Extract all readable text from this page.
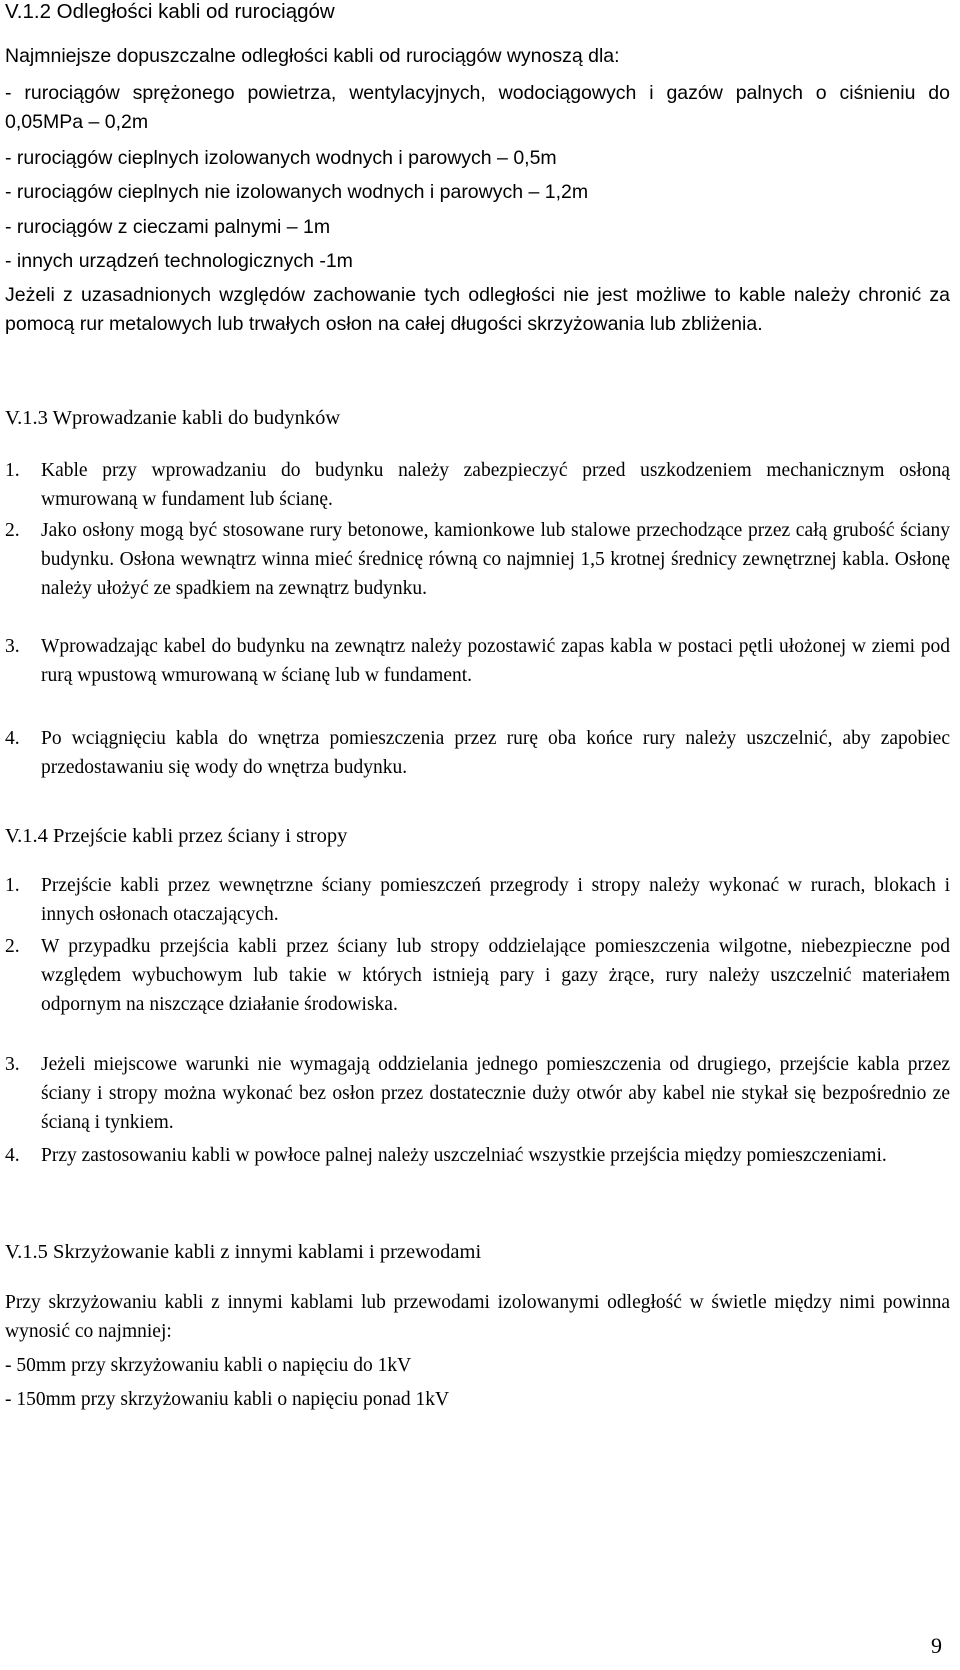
V.1.2 Odległości kabli od rurociągów

Najmniejsze dopuszczalne odległości kabli od rurociągów wynoszą dla:

- rurociągów sprężonego powietrza, wentylacyjnych, wodociągowych i gazów palnych o ciśnieniu do 0,05MPa – 0,2m

- rurociągów cieplnych izolowanych wodnych i parowych – 0,5m

- rurociągów cieplnych nie izolowanych wodnych i parowych – 1,2m

- rurociągów z cieczami palnymi – 1m

- innych urządzeń technologicznych -1m

Jeżeli z uzasadnionych względów zachowanie tych odległości nie jest możliwe to kable należy chronić za pomocą rur metalowych lub trwałych osłon na całej długości skrzyżowania lub zbliżenia.

V.1.3 Wprowadzanie kabli do budynków

1.	Kable przy wprowadzaniu do budynku należy zabezpieczyć przed uszkodzeniem mechanicznym osłoną wmurowaną w fundament lub ścianę.
2.	Jako osłony mogą być stosowane rury betonowe, kamionkowe lub stalowe przechodzące przez całą grubość ściany budynku. Osłona wewnątrz winna mieć średnicę równą co najmniej 1,5 krotnej średnicy zewnętrznej kabla. Osłonę należy ułożyć ze spadkiem na zewnątrz budynku.
3.	Wprowadzając kabel do budynku na zewnątrz należy pozostawić zapas kabla w postaci pętli ułożonej w ziemi pod rurą wpustową wmurowaną w ścianę lub w fundament.
4.	Po wciągnięciu kabla do wnętrza pomieszczenia przez rurę oba końce rury należy uszczelnić, aby zapobiec przedostawaniu się wody do wnętrza budynku.

V.1.4 Przejście kabli przez ściany i stropy

1.	Przejście kabli przez wewnętrzne ściany pomieszczeń przegrody i stropy należy wykonać w rurach, blokach i innych osłonach otaczających.
2.	W przypadku przejścia kabli przez ściany lub stropy oddzielające pomieszczenia wilgotne, niebezpieczne pod względem wybuchowym lub takie w których istnieją pary i gazy żrące, rury należy uszczelnić materiałem odpornym na niszczące działanie środowiska.
3.	Jeżeli miejscowe warunki nie wymagają oddzielania jednego pomieszczenia od drugiego, przejście kabla przez ściany i stropy można wykonać bez osłon przez dostatecznie duży otwór aby kabel nie stykał się bezpośrednio ze ścianą i tynkiem.
4.	Przy zastosowaniu kabli w powłoce palnej należy uszczelniać wszystkie przejścia między pomieszczeniami.

V.1.5 Skrzyżowanie kabli z innymi kablami i przewodami

Przy skrzyżowaniu kabli z innymi kablami lub przewodami izolowanymi odległość w świetle między nimi powinna wynosić co najmniej:

- 50mm przy skrzyżowaniu kabli o napięciu do 1kV

- 150mm przy skrzyżowaniu kabli o napięciu ponad 1kV

9
